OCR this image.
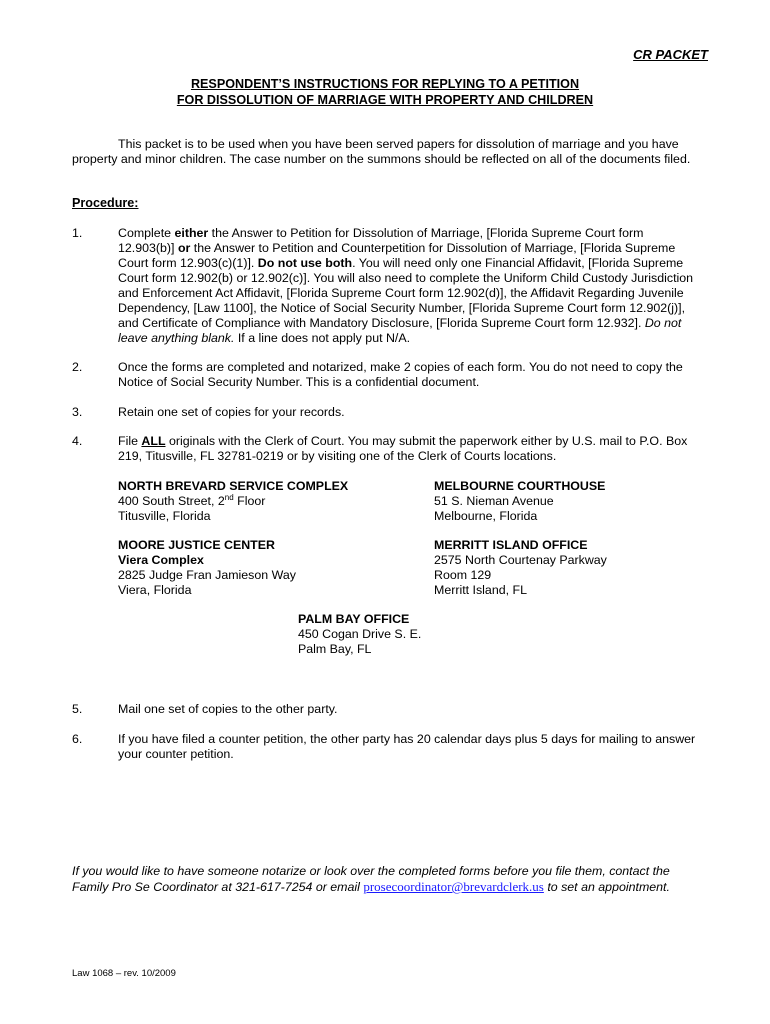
CR PACKET
RESPONDENT’S INSTRUCTIONS FOR REPLYING TO A PETITION
FOR DISSOLUTION OF MARRIAGE WITH PROPERTY AND CHILDREN
This packet is to be used when you have been served papers for dissolution of marriage and you have
property and minor children. The case number on the summons should be reflected on all of the documents filed.
Procedure:
1.	Complete either the Answer to Petition for Dissolution of Marriage, [Florida Supreme Court form
12.903(b)] or the Answer to Petition and Counterpetition for Dissolution of Marriage, [Florida Supreme
Court form 12.903(c)(1)]. Do not use both. You will need only one Financial Affidavit, [Florida Supreme
Court form 12.902(b) or 12.902(c)]. You will also need to complete the Uniform Child Custody Jurisdiction
and Enforcement Act Affidavit, [Florida Supreme Court form 12.902(d)], the Affidavit Regarding Juvenile
Dependency, [Law 1100], the Notice of Social Security Number, [Florida Supreme Court form 12.902(j)],
and Certificate of Compliance with Mandatory Disclosure, [Florida Supreme Court form 12.932]. Do not
leave anything blank. If a line does not apply put N/A.
2.	Once the forms are completed and notarized, make 2 copies of each form. You do not need to copy the
Notice of Social Security Number. This is a confidential document.
3.	Retain one set of copies for your records.
4.	File ALL originals with the Clerk of Court. You may submit the paperwork either by U.S. mail to P.O. Box
219, Titusville, FL 32781-0219 or by visiting one of the Clerk of Courts locations.
NORTH BREVARD SERVICE COMPLEX
400 South Street, 2nd Floor
Titusville, Florida
MELBOURNE COURTHOUSE
51 S. Nieman Avenue
Melbourne, Florida
MOORE JUSTICE CENTER
Viera Complex
2825 Judge Fran Jamieson Way
Viera, Florida
MERRITT ISLAND OFFICE
2575 North Courtenay Parkway
Room 129
Merritt Island, FL
PALM BAY OFFICE
450 Cogan Drive S. E.
Palm Bay, FL
5.	Mail one set of copies to the other party.
6.	If you have filed a counter petition, the other party has 20 calendar days plus 5 days for mailing to answer
your counter petition.
If you would like to have someone notarize or look over the completed forms before you file them, contact the
Family Pro Se Coordinator at 321-617-7254 or email prosecoordinator@brevardclerk.us to set an appointment.
Law 1068 – rev. 10/2009
